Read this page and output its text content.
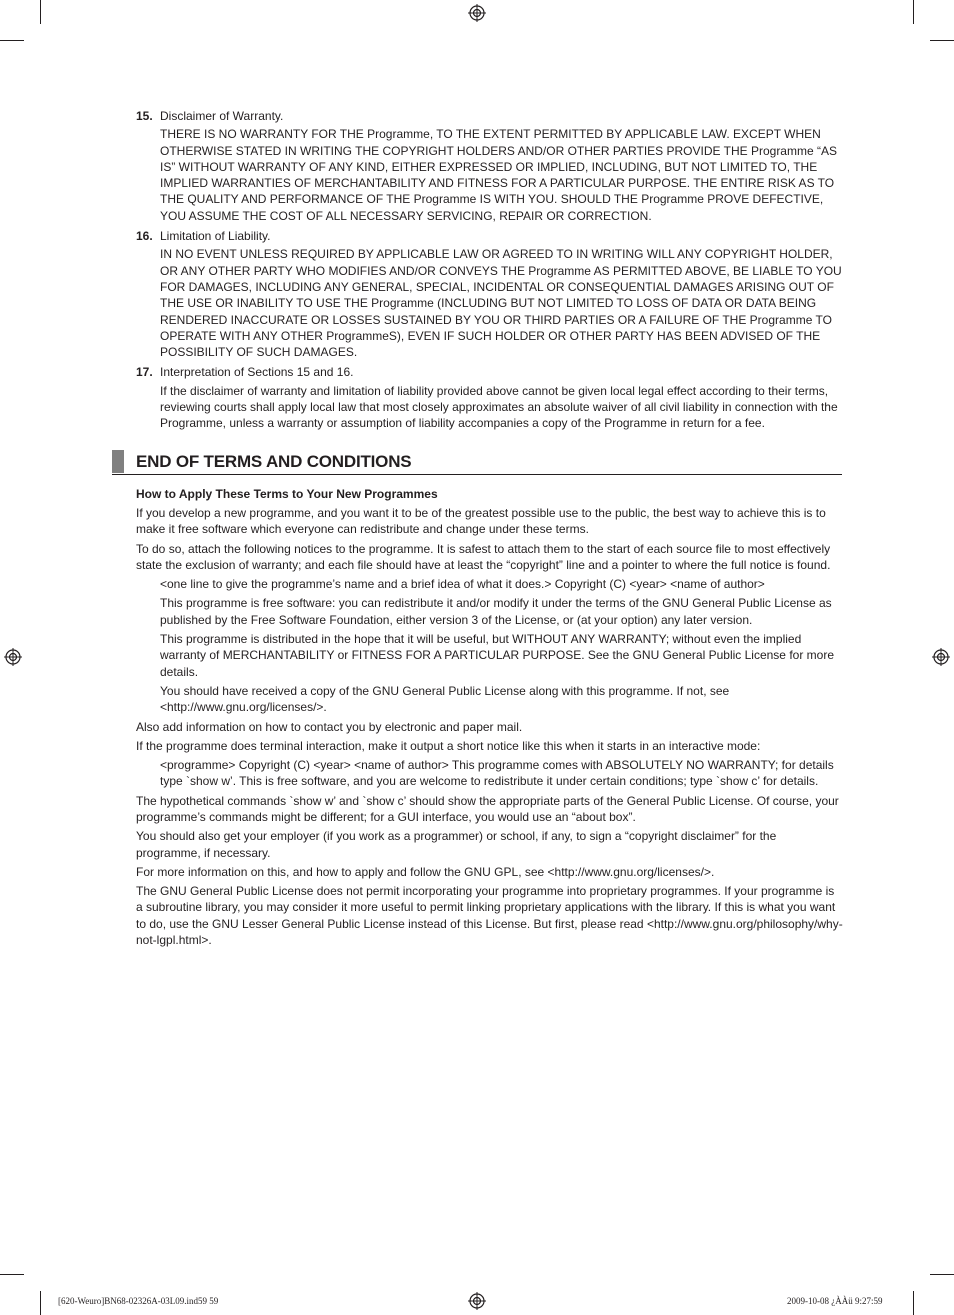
15. Disclaimer of Warranty.
THERE IS NO WARRANTY FOR THE Programme, TO THE EXTENT PERMITTED BY APPLICABLE LAW. EXCEPT WHEN OTHERWISE STATED IN WRITING THE COPYRIGHT HOLDERS AND/OR OTHER PARTIES PROVIDE THE Programme “AS IS” WITHOUT WARRANTY OF ANY KIND, EITHER EXPRESSED OR IMPLIED, INCLUDING, BUT NOT LIMITED TO, THE IMPLIED WARRANTIES OF MERCHANTABILITY AND FITNESS FOR A PARTICULAR PURPOSE. THE ENTIRE RISK AS TO THE QUALITY AND PERFORMANCE OF THE Programme IS WITH YOU. SHOULD THE Programme PROVE DEFECTIVE, YOU ASSUME THE COST OF ALL NECESSARY SERVICING, REPAIR OR CORRECTION.
16. Limitation of Liability.
IN NO EVENT UNLESS REQUIRED BY APPLICABLE LAW OR AGREED TO IN WRITING WILL ANY COPYRIGHT HOLDER, OR ANY OTHER PARTY WHO MODIFIES AND/OR CONVEYS THE Programme AS PERMITTED ABOVE, BE LIABLE TO YOU FOR DAMAGES, INCLUDING ANY GENERAL, SPECIAL, INCIDENTAL OR CONSEQUENTIAL DAMAGES ARISING OUT OF THE USE OR INABILITY TO USE THE Programme (INCLUDING BUT NOT LIMITED TO LOSS OF DATA OR DATA BEING RENDERED INACCURATE OR LOSSES SUSTAINED BY YOU OR THIRD PARTIES OR A FAILURE OF THE Programme TO OPERATE WITH ANY OTHER ProgrammeS), EVEN IF SUCH HOLDER OR OTHER PARTY HAS BEEN ADVISED OF THE POSSIBILITY OF SUCH DAMAGES.
17. Interpretation of Sections 15 and 16.
If the disclaimer of warranty and limitation of liability provided above cannot be given local legal effect according to their terms, reviewing courts shall apply local law that most closely approximates an absolute waiver of all civil liability in connection with the Programme, unless a warranty or assumption of liability accompanies a copy of the Programme in return for a fee.
END OF TERMS AND CONDITIONS
How to Apply These Terms to Your New Programmes

If you develop a new programme, and you want it to be of the greatest possible use to the public, the best way to achieve this is to make it free software which everyone can redistribute and change under these terms.

To do so, attach the following notices to the programme. It is safest to attach them to the start of each source file to most effectively state the exclusion of warranty; and each file should have at least the “copyright” line and a pointer to where the full notice is found.

<one line to give the programme’s name and a brief idea of what it does.> Copyright (C) <year> <name of author>

This programme is free software: you can redistribute it and/or modify it under the terms of the GNU General Public License as published by the Free Software Foundation, either version 3 of the License, or (at your option) any later version.

This programme is distributed in the hope that it will be useful, but WITHOUT ANY WARRANTY; without even the implied warranty of MERCHANTABILITY or FITNESS FOR A PARTICULAR PURPOSE. See the GNU General Public License for more details.

You should have received a copy of the GNU General Public License along with this programme. If not, see <http://www.gnu.org/licenses/>.

Also add information on how to contact you by electronic and paper mail.

If the programme does terminal interaction, make it output a short notice like this when it starts in an interactive mode:

<programme> Copyright (C) <year> <name of author> This programme comes with ABSOLUTELY NO WARRANTY; for details type `show w’. This is free software, and you are welcome to redistribute it under certain conditions; type `show c’ for details.

The hypothetical commands `show w’ and `show c’ should show the appropriate parts of the General Public License. Of course, your programme’s commands might be different; for a GUI interface, you would use an “about box”.

You should also get your employer (if you work as a programmer) or school, if any, to sign a “copyright disclaimer” for the programme, if necessary.

For more information on this, and how to apply and follow the GNU GPL, see <http://www.gnu.org/licenses/>.

The GNU General Public License does not permit incorporating your programme into proprietary programmes. If your programme is a subroutine library, you may consider it more useful to permit linking proprietary applications with the library. If this is what you want to do, use the GNU Lesser General Public License instead of this License. But first, please read <http://www.gnu.org/philosophy/why-not-lgpl.html>.

[620-Weuro]BN68-02326A-03L09.ind59 59	2009-10-08 ¿ÀÀü 9:27:59
